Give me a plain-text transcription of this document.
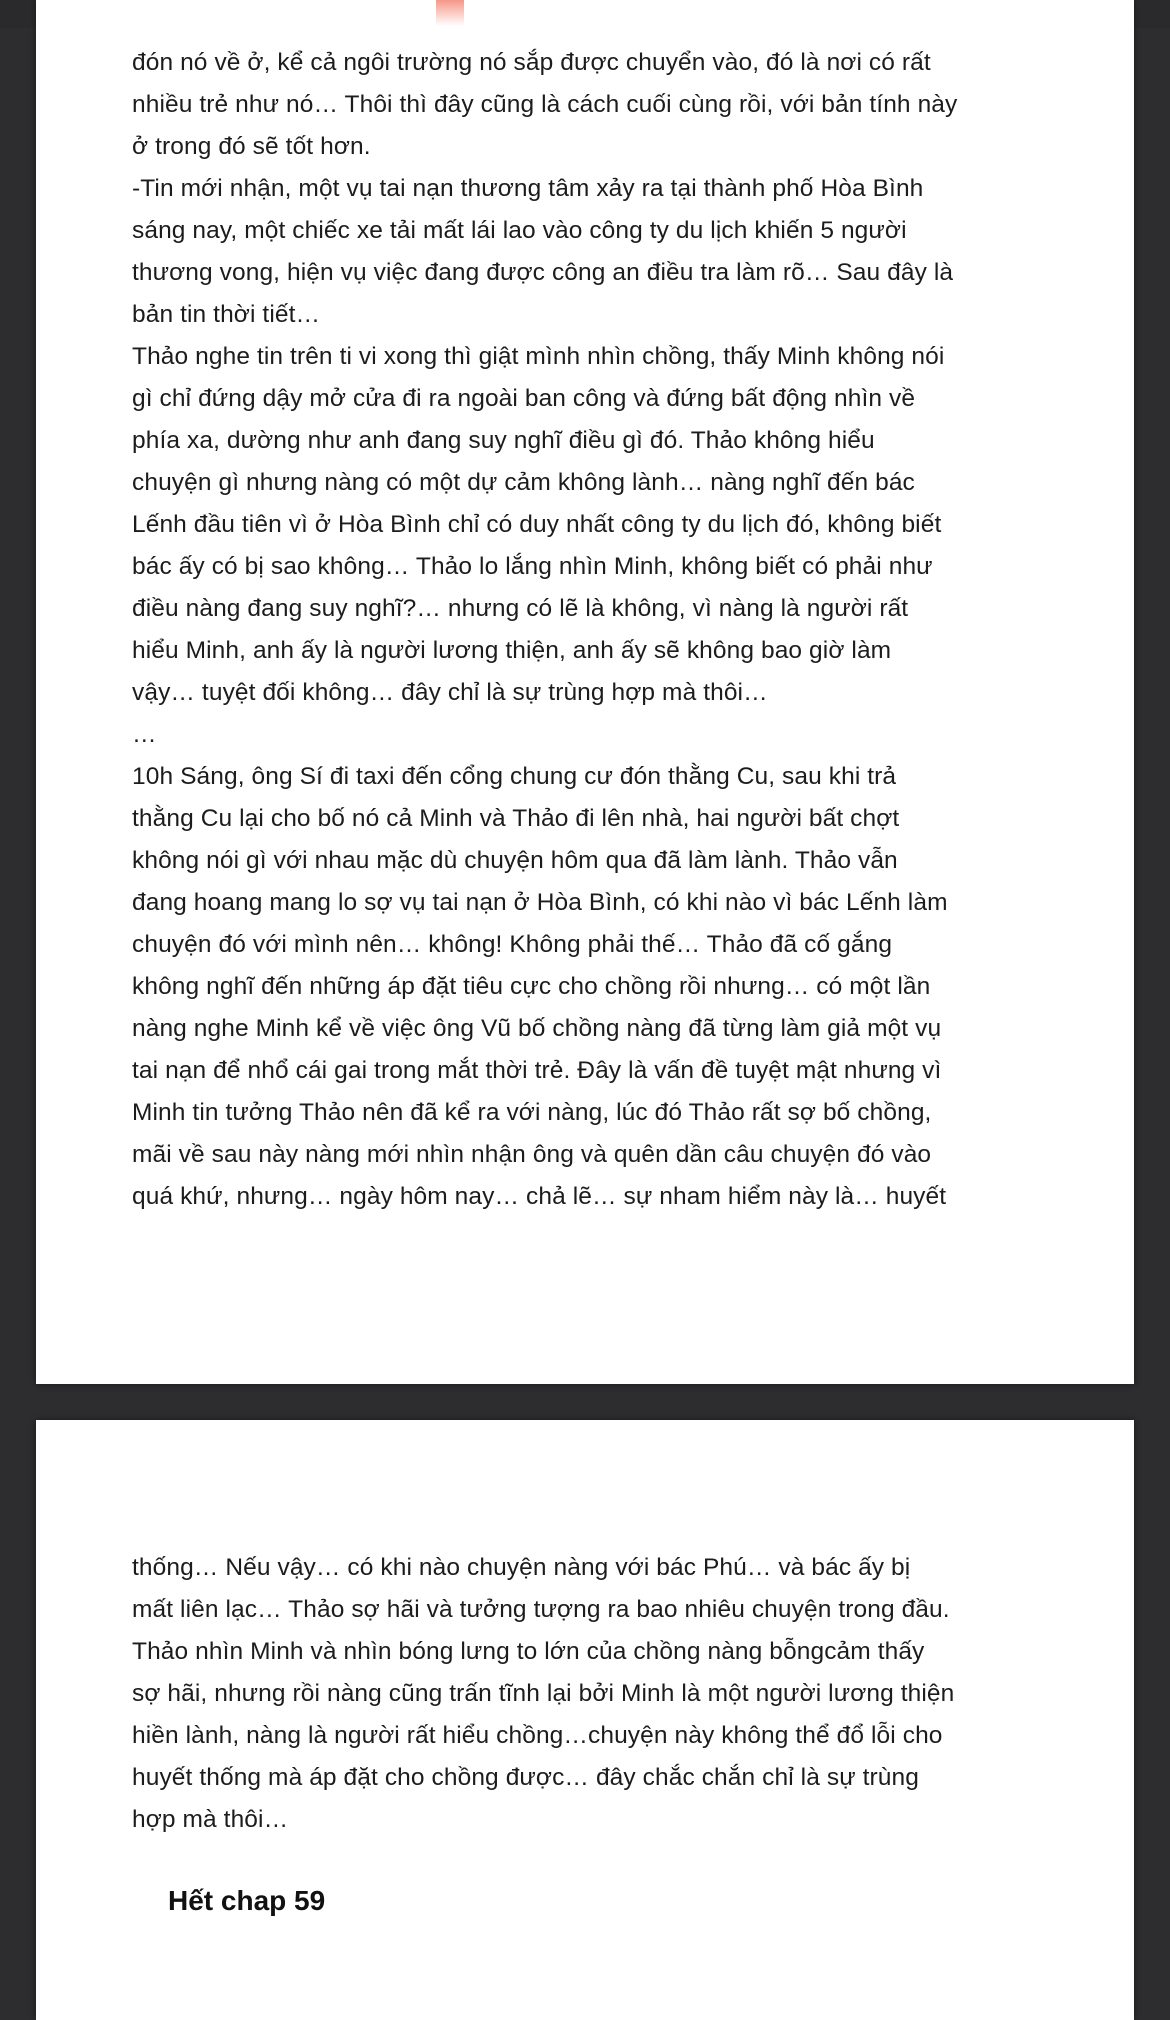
đón nó về ở, kể cả ngôi trường nó sắp được chuyển vào, đó là nơi có rất
nhiều trẻ như nó… Thôi thì đây cũng là cách cuối cùng rồi, với bản tính này
ở trong đó sẽ tốt hơn.
-Tin mới nhận, một vụ tai nạn thương tâm xảy ra tại thành phố Hòa Bình
sáng nay, một chiếc xe tải mất lái lao vào công ty du lịch khiến 5 người
thương vong, hiện vụ việc đang được công an điều tra làm rõ… Sau đây là
bản tin thời tiết…
Thảo nghe tin trên ti vi xong thì giật mình nhìn chồng, thấy Minh không nói
gì chỉ đứng dậy mở cửa đi ra ngoài ban công và đứng bất động nhìn về
phía xa, dường như anh đang suy nghĩ điều gì đó. Thảo không hiểu
chuyện gì nhưng nàng có một dự cảm không lành… nàng nghĩ đến bác
Lếnh đầu tiên vì ở Hòa Bình chỉ có duy nhất công ty du lịch đó, không biết
bác ấy có bị sao không… Thảo lo lắng nhìn Minh, không biết có phải như
điều nàng đang suy nghĩ?… nhưng có lẽ là không, vì nàng là người rất
hiểu Minh, anh ấy là người lương thiện, anh ấy sẽ không bao giờ làm
vậy… tuyệt đối không… đây chỉ là sự trùng hợp mà thôi…
…
10h Sáng, ông Sí đi taxi đến cổng chung cư đón thằng Cu, sau khi trả
thằng Cu lại cho bố nó cả Minh và Thảo đi lên nhà, hai người bất chợt
không nói gì với nhau mặc dù chuyện hôm qua đã làm lành. Thảo vẫn
đang hoang mang lo sợ vụ tai nạn ở Hòa Bình, có khi nào vì bác Lếnh làm
chuyện đó với mình nên… không! Không phải thế… Thảo đã cố gắng
không nghĩ đến những áp đặt tiêu cực cho chồng rồi nhưng… có một lần
nàng nghe Minh kể về việc ông Vũ bố chồng nàng đã từng làm giả một vụ
tai nạn để nhổ cái gai trong mắt thời trẻ. Đây là vấn đề tuyệt mật nhưng vì
Minh tin tưởng Thảo nên đã kể ra với nàng, lúc đó Thảo rất sợ bố chồng,
mãi về sau này nàng mới nhìn nhận ông và quên dần câu chuyện đó vào
quá khứ, nhưng… ngày hôm nay… chả lẽ… sự nham hiểm này là… huyết
thống… Nếu vậy… có khi nào chuyện nàng với bác Phú… và bác ấy bị
mất liên lạc… Thảo sợ hãi và tưởng tượng ra bao nhiêu chuyện trong đầu.
Thảo nhìn Minh và nhìn bóng lưng to lớn của chồng nàng bỗngcảm thấy
sợ hãi, nhưng rồi nàng cũng trấn tĩnh lại bởi Minh là một người lương thiện
hiền lành, nàng là người rất hiểu chồng…chuyện này không thể đổ lỗi cho
huyết thống mà áp đặt cho chồng được… đây chắc chắn chỉ là sự trùng
hợp mà thôi…
Hết chap 59
